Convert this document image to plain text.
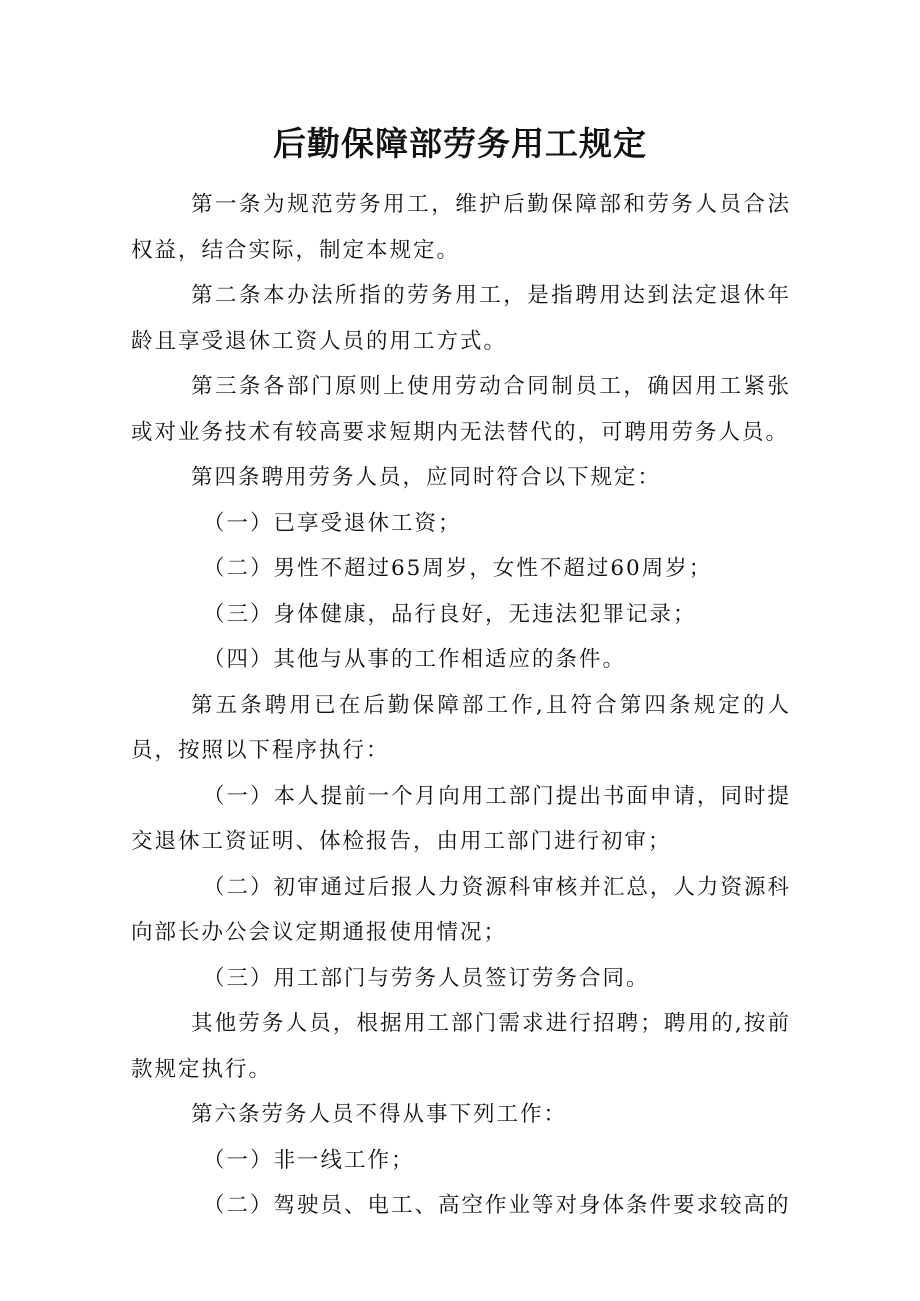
后勤保障部劳务用工规定

第一条为规范劳务用工，维护后勤保障部和劳务人员合法权益，结合实际，制定本规定。

第二条本办法所指的劳务用工，是指聘用达到法定退休年龄且享受退休工资人员的用工方式。

第三条各部门原则上使用劳动合同制员工，确因用工紧张或对业务技术有较高要求短期内无法替代的，可聘用劳务人员。

第四条聘用劳务人员，应同时符合以下规定：

（一）已享受退休工资；

（二）男性不超过65周岁，女性不超过60周岁；

（三）身体健康，品行良好，无违法犯罪记录；

（四）其他与从事的工作相适应的条件。

第五条聘用已在后勤保障部工作,且符合第四条规定的人员，按照以下程序执行：

（一）本人提前一个月向用工部门提出书面申请，同时提交退休工资证明、体检报告，由用工部门进行初审；

（二）初审通过后报人力资源科审核并汇总，人力资源科向部长办公会议定期通报使用情况；

（三）用工部门与劳务人员签订劳务合同。

其他劳务人员，根据用工部门需求进行招聘；聘用的,按前款规定执行。

第六条劳务人员不得从事下列工作：

（一）非一线工作；

（二）驾驶员、电工、高空作业等对身体条件要求较高的
